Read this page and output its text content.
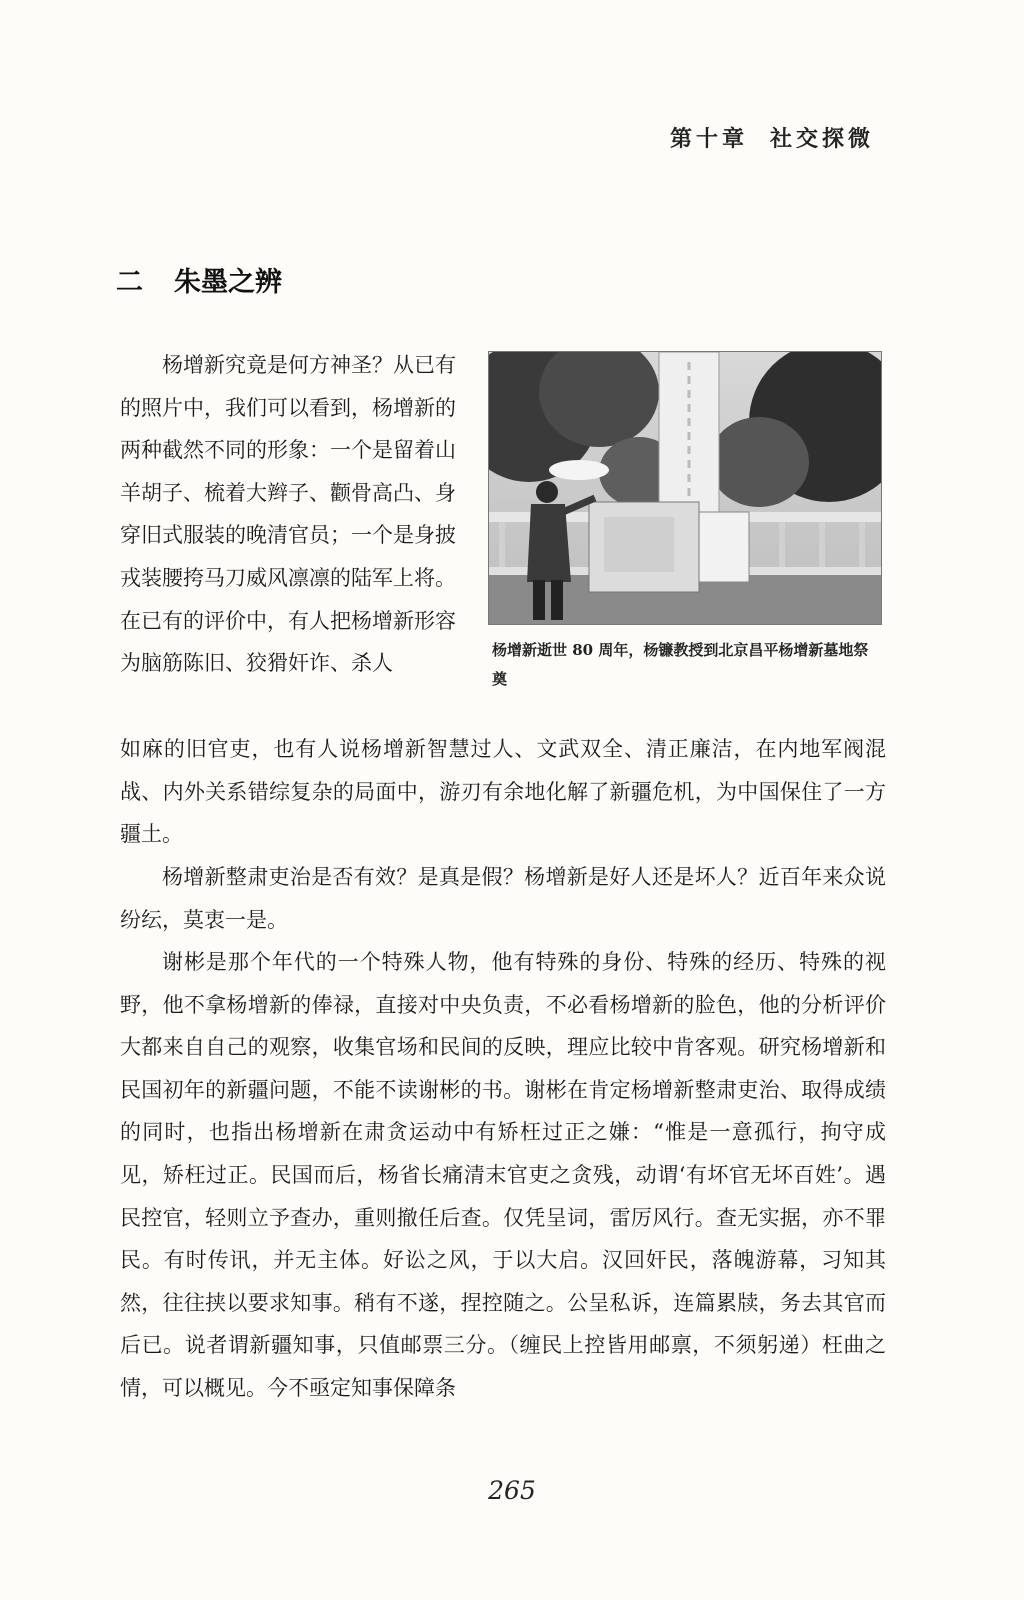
第十章 社交探微
二 朱墨之辨
杨增新逝世 80 周年，杨镰教授到北京昌平杨增新墓地祭奠
杨增新究竟是何方神圣？从已有的照片中，我们可以看到，杨增新的两种截然不同的形象：一个是留着山羊胡子、梳着大辫子、颧骨高凸、身穿旧式服装的晚清官员；一个是身披戎装腰挎马刀威风凛凛的陆军上将。在已有的评价中，有人把杨增新形容为脑筋陈旧、狡猾奸诈、杀人
如麻的旧官吏，也有人说杨增新智慧过人、文武双全、清正廉洁，在内地军阀混战、内外关系错综复杂的局面中，游刃有余地化解了新疆危机，为中国保住了一方疆土。
杨增新整肃吏治是否有效？是真是假？杨增新是好人还是坏人？近百年来众说纷纭，莫衷一是。
谢彬是那个年代的一个特殊人物，他有特殊的身份、特殊的经历、特殊的视野，他不拿杨增新的俸禄，直接对中央负责，不必看杨增新的脸色，他的分析评价大都来自自己的观察，收集官场和民间的反映，理应比较中肯客观。研究杨增新和民国初年的新疆问题，不能不读谢彬的书。谢彬在肯定杨增新整肃吏治、取得成绩的同时，也指出杨增新在肃贪运动中有矫枉过正之嫌：“惟是一意孤行，拘守成见，矫枉过正。民国而后，杨省长痛清末官吏之贪残，动谓‘有坏官无坏百姓’。遇民控官，轻则立予查办，重则撤任后查。仅凭呈词，雷厉风行。查无实据，亦不罪民。有时传讯，并无主体。好讼之风，于以大启。汉回奸民，落魄游幕，习知其然，往往挟以要求知事。稍有不遂，捏控随之。公呈私诉，连篇累牍，务去其官而后已。说者谓新疆知事，只值邮票三分。（缠民上控皆用邮禀，不须躬递）枉曲之情，可以概见。今不亟定知事保障条
265
